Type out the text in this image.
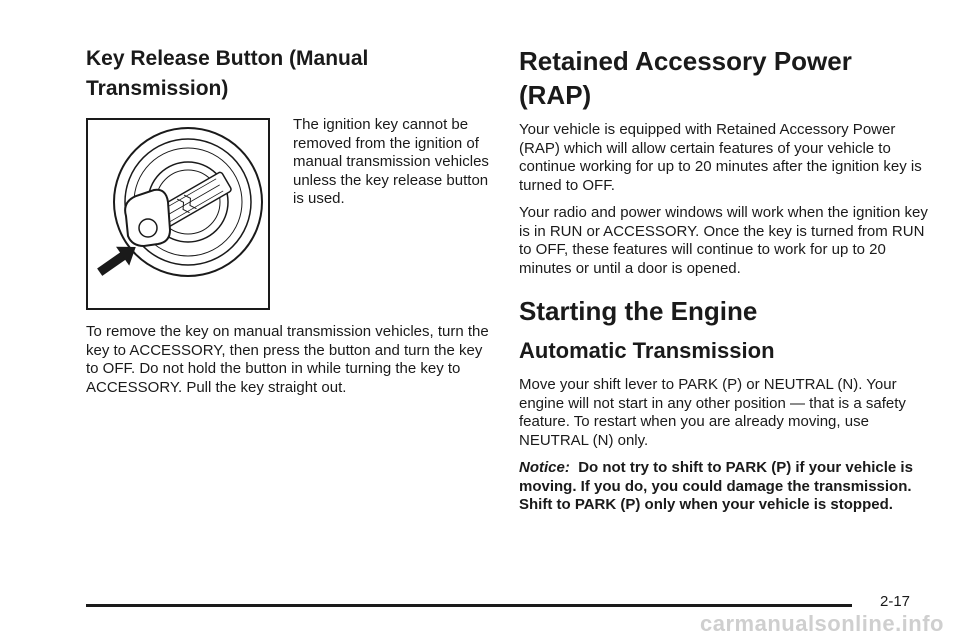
Key Release Button (Manual Transmission)
The ignition key cannot be removed from the ignition of manual transmission vehicles unless the key release button is used.

To remove the key on manual transmission vehicles, turn the key to ACCESSORY, then press the button and turn the key to OFF. Do not hold the button in while turning the key to ACCESSORY. Pull the key straight out.

Retained Accessory Power (RAP)

Your vehicle is equipped with Retained Accessory Power (RAP) which will allow certain features of your vehicle to continue working for up to 20 minutes after the ignition key is turned to OFF.

Your radio and power windows will work when the ignition key is in RUN or ACCESSORY. Once the key is turned from RUN to OFF, these features will continue to work for up to 20 minutes or until a door is opened.

Starting the Engine
Automatic Transmission

Move your shift lever to PARK (P) or NEUTRAL (N). Your engine will not start in any other position — that is a safety feature. To restart when you are already moving, use NEUTRAL (N) only.

Notice: Do not try to shift to PARK (P) if your vehicle is moving. If you do, you could damage the transmission. Shift to PARK (P) only when your vehicle is stopped.

2-17
carmanualsonline.info
